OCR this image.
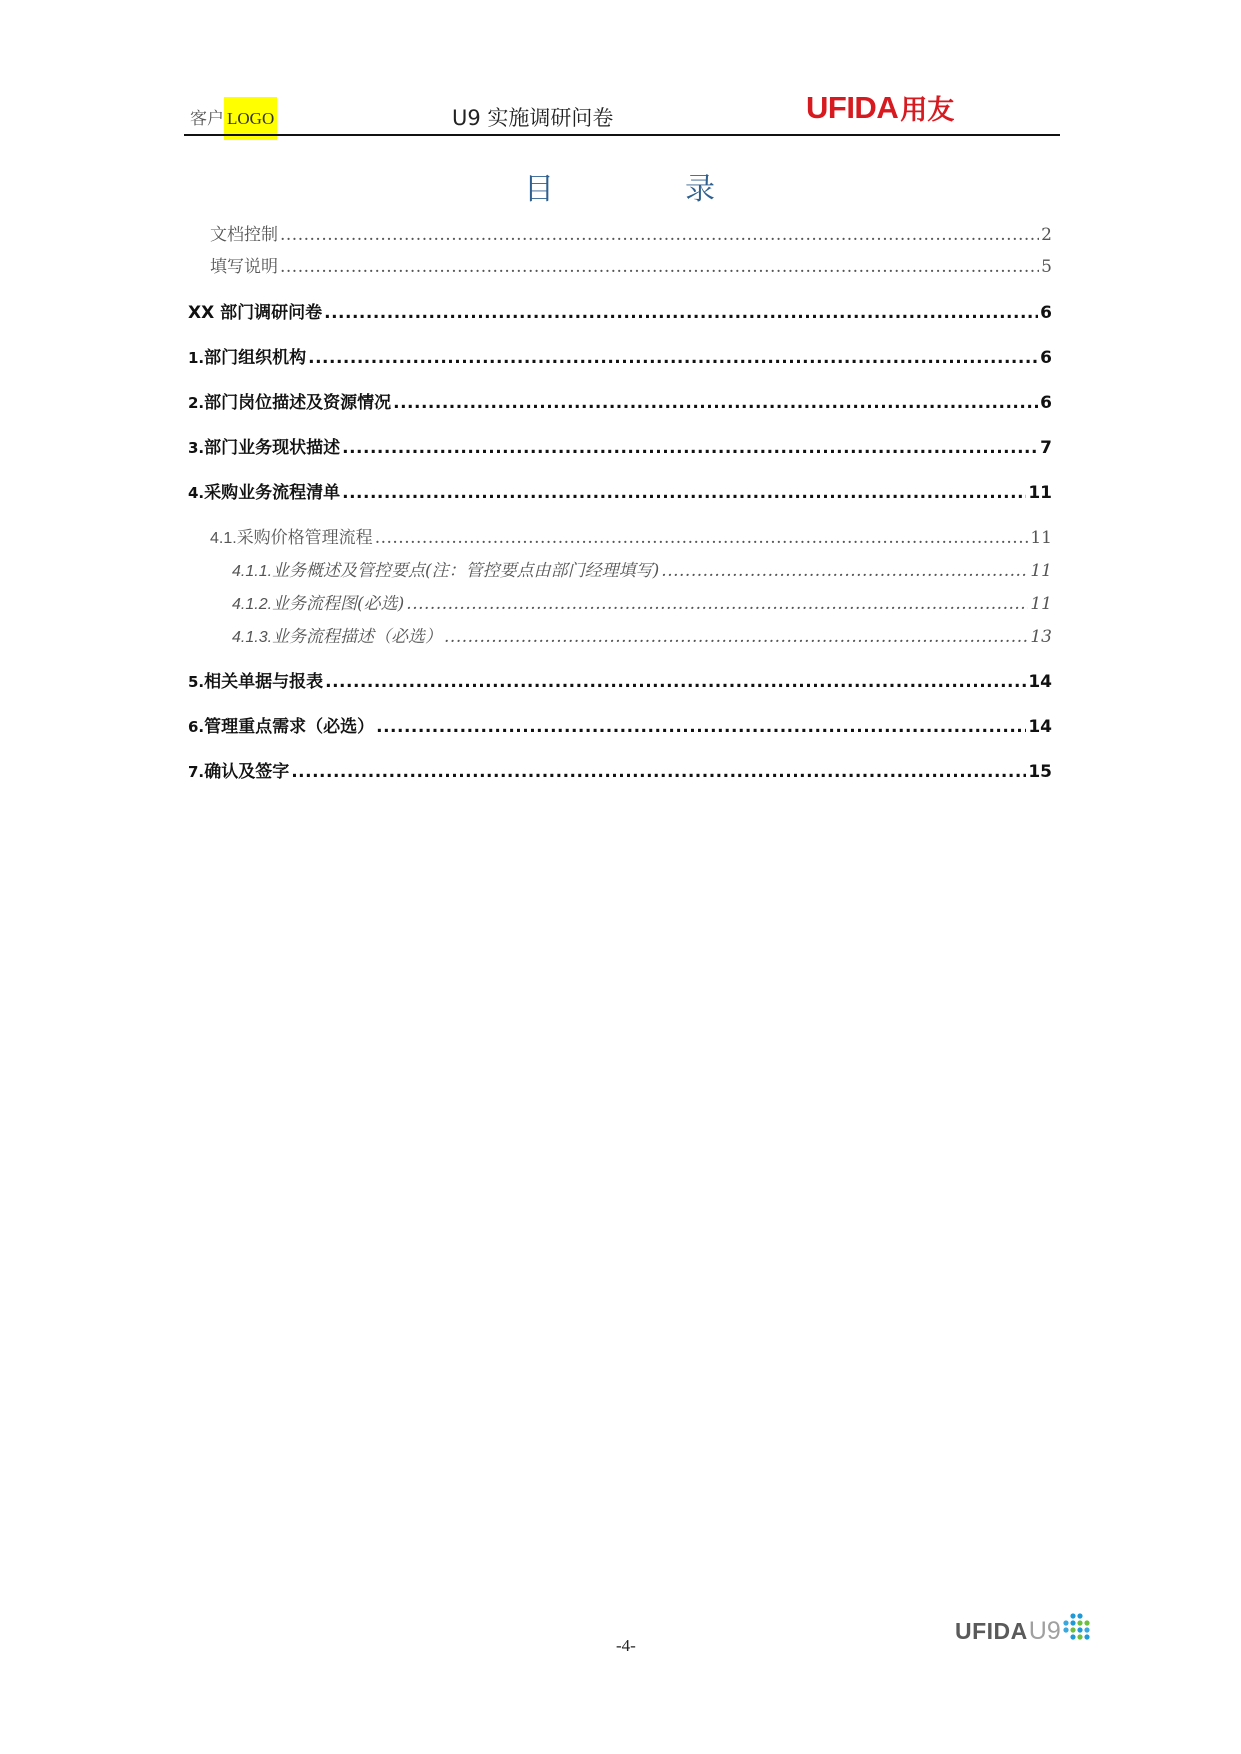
客户 LOGO	U9 实施调研问卷	UFIDA 用友
目	录
文档控制 .....	2
填写说明 .....	5
XX 部门调研问卷 .....	6
1. 部门组织机构 .....	6
2. 部门岗位描述及资源情况 .....	6
3. 部门业务现状描述 .....	7
4. 采购业务流程清单 .....	11
4.1. 采购价格管理流程 .....	11
4.1.1. 业务概述及管控要点(注：管控要点由部门经理填写) .....	11
4.1.2. 业务流程图(必选) .....	11
4.1.3. 业务流程描述（必选） .....	13
5. 相关单据与报表 .....	14
6. 管理重点需求（必选） .....	14
7. 确认及签字 .....	15
-4-
UFIDA U9
